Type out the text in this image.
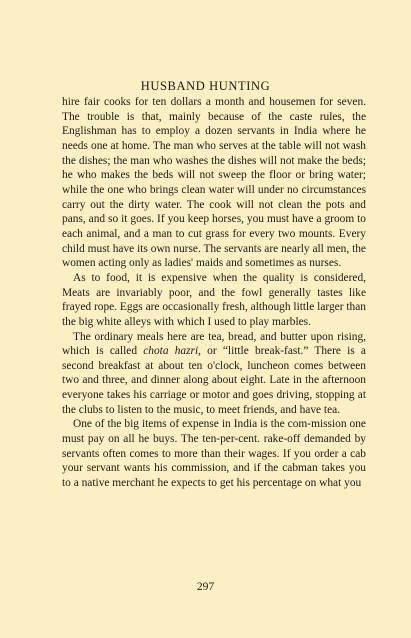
HUSBAND HUNTING

hire fair cooks for ten dollars a month and housemen for seven. The trouble is that, mainly because of the caste rules, the Englishman has to employ a dozen servants in India where he needs one at home. The man who serves at the table will not wash the dishes; the man who washes the dishes will not make the beds; he who makes the beds will not sweep the floor or bring water; while the one who brings clean water will under no circumstances carry out the dirty water. The cook will not clean the pots and pans, and so it goes. If you keep horses, you must have a groom to each animal, and a man to cut grass for every two mounts. Every child must have its own nurse. The servants are nearly all men, the women acting only as ladies' maids and sometimes as nurses.

As to food, it is expensive when the quality is considered, Meats are invariably poor, and the fowl generally tastes like frayed rope. Eggs are occasionally fresh, although little larger than the big white alleys with which I used to play marbles.

The ordinary meals here are tea, bread, and butter upon rising, which is called chota hazri, or “little break-fast.” There is a second breakfast at about ten o'clock, luncheon comes between two and three, and dinner along about eight. Late in the afternoon everyone takes his carriage or motor and goes driving, stopping at the clubs to listen to the music, to meet friends, and have tea.

One of the big items of expense in India is the com-mission one must pay on all he buys. The ten-per-cent. rake-off demanded by servants often comes to more than their wages. If you order a cab your servant wants his commission, and if the cabman takes you to a native merchant he expects to get his percentage on what you

297
